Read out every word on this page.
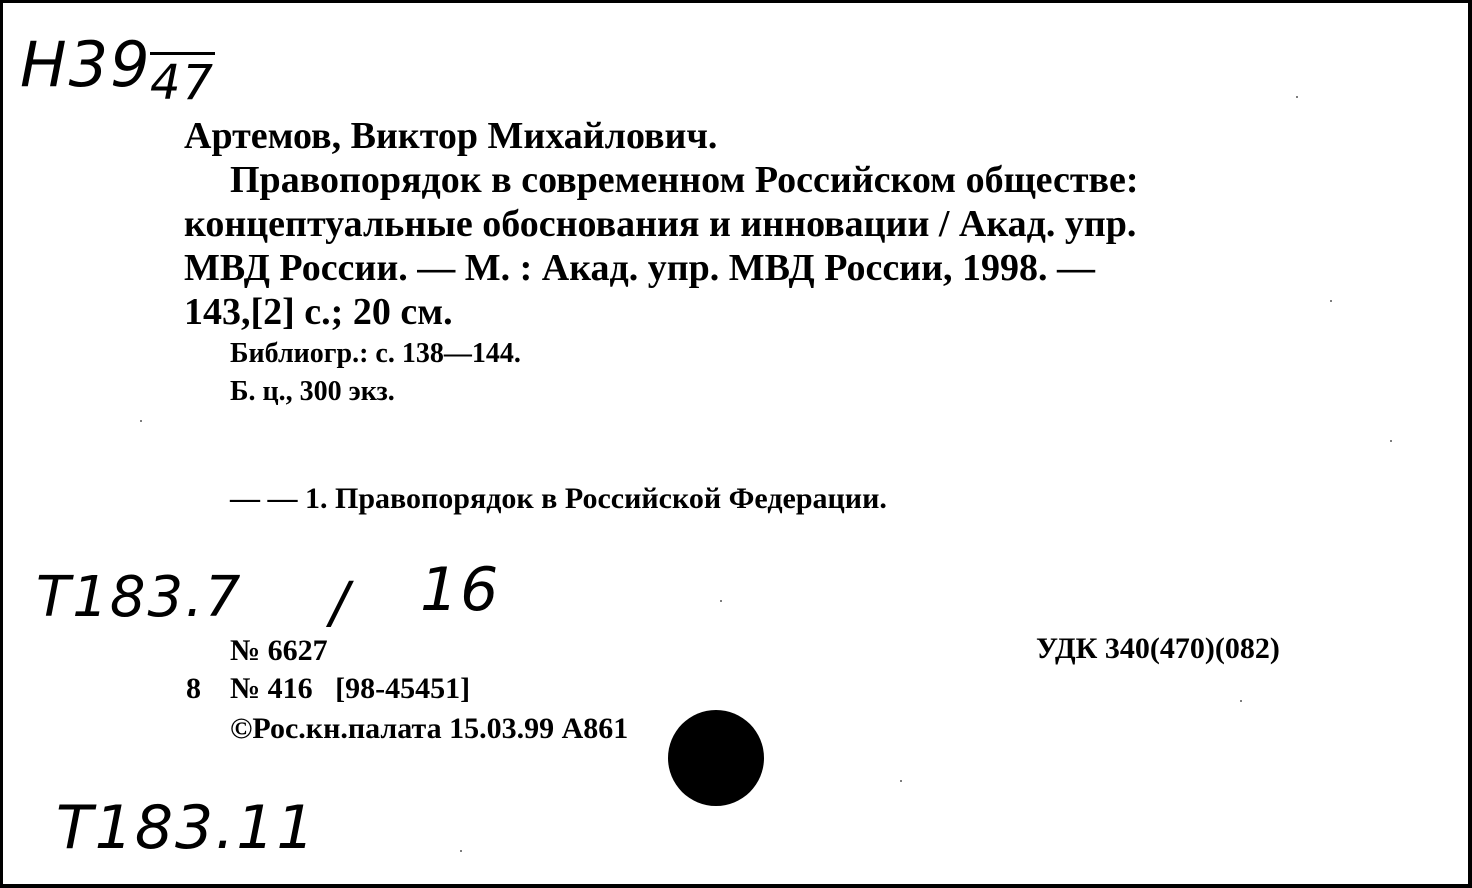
Н39
47
Артемов, Виктор Михайлович.
Правопорядок в современном Российском обществе:
концептуальные обоснования и инновации / Акад. упр.
МВД России. — М. : Акад. упр. МВД России, 1998. —
143,[2] с.; 20 см.
Библиогр.: с. 138—144.
Б. ц., 300 экз.
— — 1. Правопорядок в Российской Федерации.
Т183.7 / 16
№ 6627	УДК 340(470)(082)
8 № 416   [98-45451]
©Рос.кн.палата 15.03.99 А861
Т183.11
